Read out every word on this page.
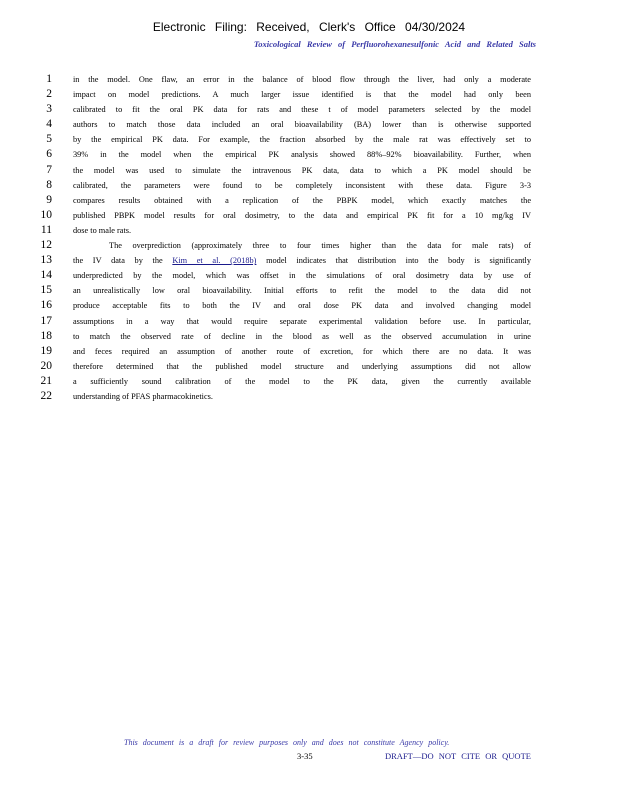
Electronic Filing: Received, Clerk's Office 04/30/2024
Toxicological Review of Perfluorohexanesulfonic Acid and Related Salts
1	in the model. One flaw, an error in the balance of blood flow through the liver, had only a moderate
2	impact on model predictions. A much larger issue identified is that the model had only been
3	calibrated to fit the oral PK data for rats and these t of model parameters selected by the model
4	authors to match those data included an oral bioavailability (BA) lower than is otherwise supported
5	by the empirical PK data. For example, the fraction absorbed by the male rat was effectively set to
6	39% in the model when the empirical PK analysis showed 88%–92% bioavailability. Further, when
7	the model was used to simulate the intravenous PK data, data to which a PK model should be
8	calibrated, the parameters were found to be completely inconsistent with these data. Figure 3-3
9	compares results obtained with a replication of the PBPK model, which exactly matches the
10	published PBPK model results for oral dosimetry, to the data and empirical PK fit for a 10 mg/kg IV
11	dose to male rats.
12	The overprediction (approximately three to four times higher than the data for male rats) of
13	the IV data by the Kim et al. (2018b) model indicates that distribution into the body is significantly
14	underpredicted by the model, which was offset in the simulations of oral dosimetry data by use of
15	an unrealistically low oral bioavailability. Initial efforts to refit the model to the data did not
16	produce acceptable fits to both the IV and oral dose PK data and involved changing model
17	assumptions in a way that would require separate experimental validation before use. In particular,
18	to match the observed rate of decline in the blood as well as the observed accumulation in urine
19	and feces required an assumption of another route of excretion, for which there are no data. It was
20	therefore determined that the published model structure and underlying assumptions did not allow
21	a sufficiently sound calibration of the model to the PK data, given the currently available
22	understanding of PFAS pharmacokinetics.
This document is a draft for review purposes only and does not constitute Agency policy.
3-35	DRAFT—DO NOT CITE OR QUOTE
